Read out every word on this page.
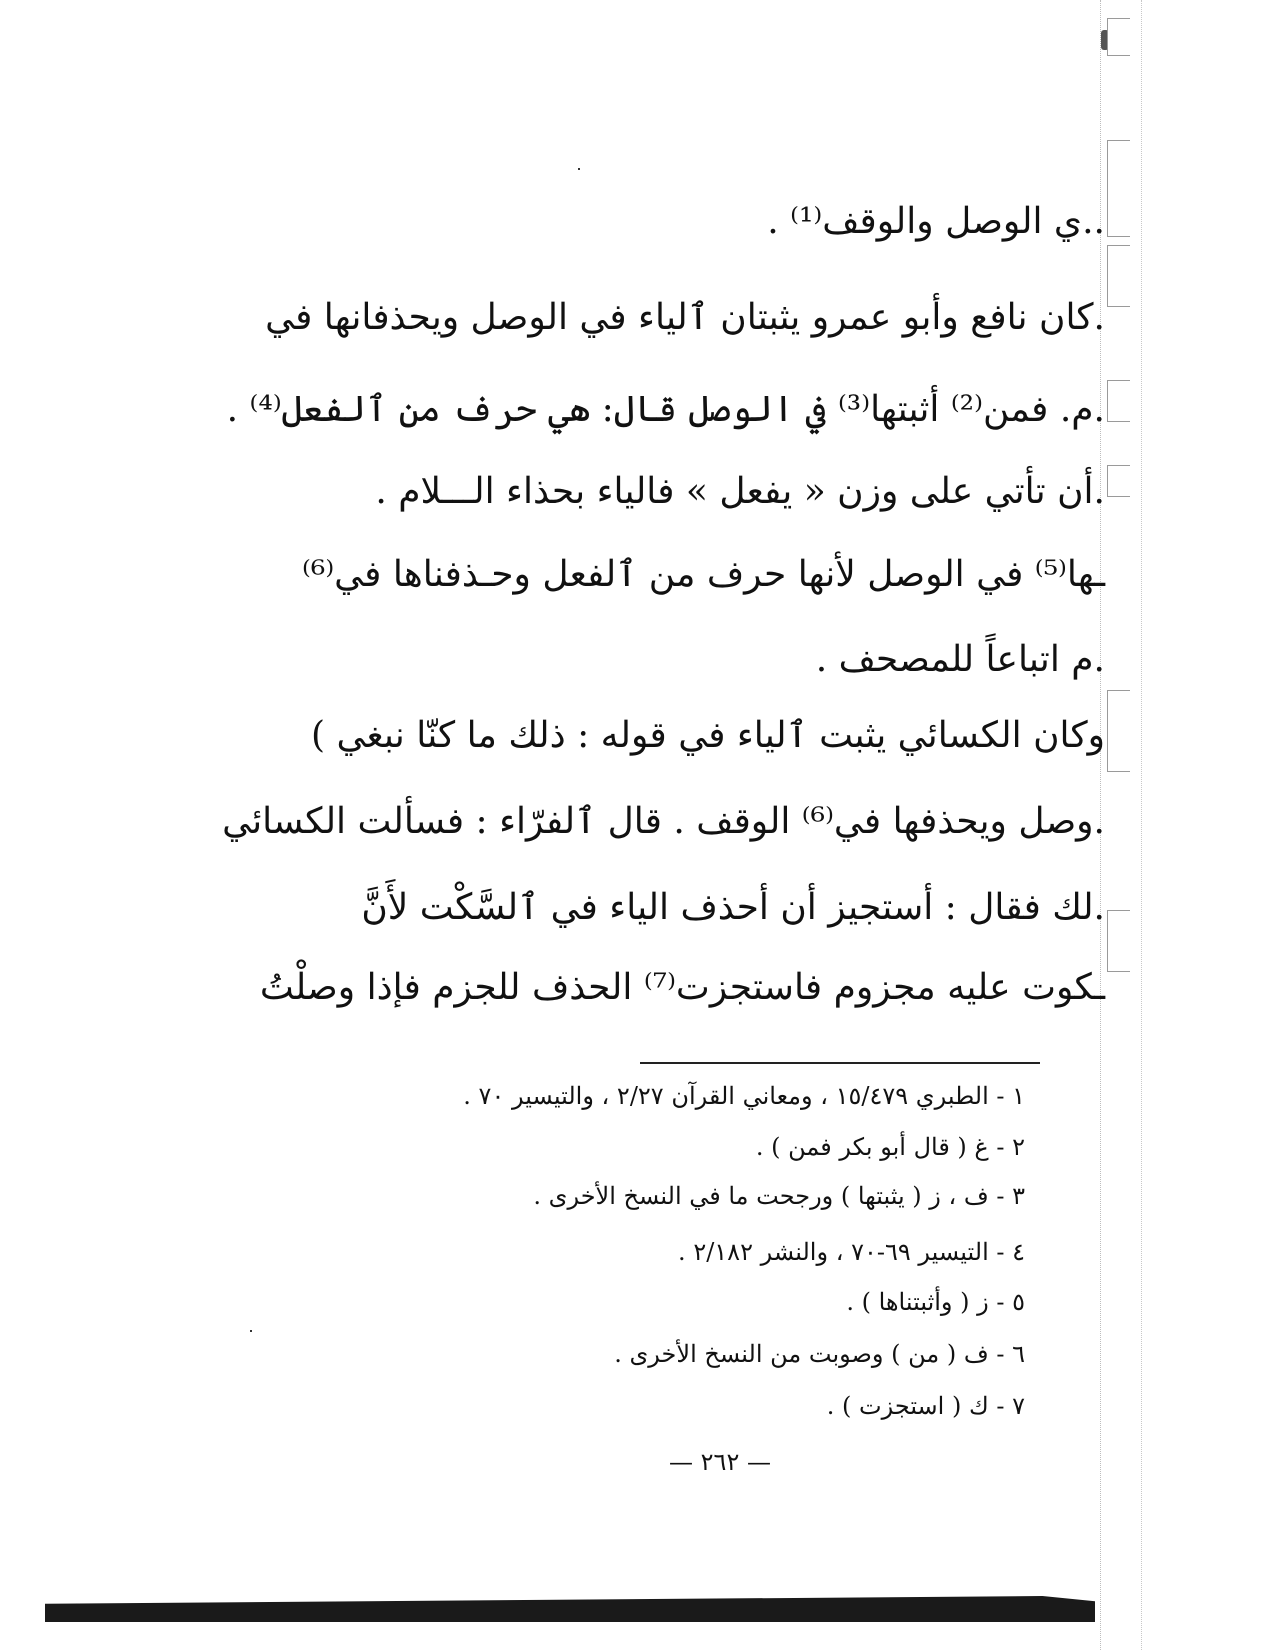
..ي الوصل والوقف⁽¹⁾ .
.كان نافع وأبو عمرو يثبتان ٱلياء في الوصل ويحذفانها في
.م. فمن⁽²⁾ أثبتها⁽³⁾ في الوصل قال: هي حرف من ٱلفعل⁽⁴⁾ .
.أن تأتي على وزن « يفعل » فالياء بحذاء الـــلام .
ـها⁽⁵⁾ في الوصل لأنها حرف من ٱلفعل وحـذفناها في⁽⁶⁾
.م اتباعاً للمصحف .
وكان الكسائي يثبت ٱلياء في قوله : ذلك ما كنّا نبغي )
.وصل ويحذفها في⁽⁶⁾ الوقف . قال ٱلفرّاء : فسألت الكسائي
.لك فقال : أستجيز أن أحذف الياء في ٱلسَّكْت لأَنَّ
ـكوت عليه مجزوم فاستجزت⁽⁷⁾ الحذف للجزم فإذا وصلْتُ
١ - الطبري ١٥/٤٧٩ ، ومعاني القرآن ٢/٢٧ ، والتيسير ٧٠ .
٢ - غ ( قال أبو بكر فمن ) .
٣ - ف ، ز ( يثبتها ) ورجحت ما في النسخ الأخرى .
٤ - التيسير ٦٩-٧٠ ، والنشر ٢/١٨٢ .
٥ - ز ( وأثبتناها ) .
٦ - ف ( من ) وصوبت من النسخ الأخرى .
٧ - ك ( استجزت ) .
— ٢٦٢ —
